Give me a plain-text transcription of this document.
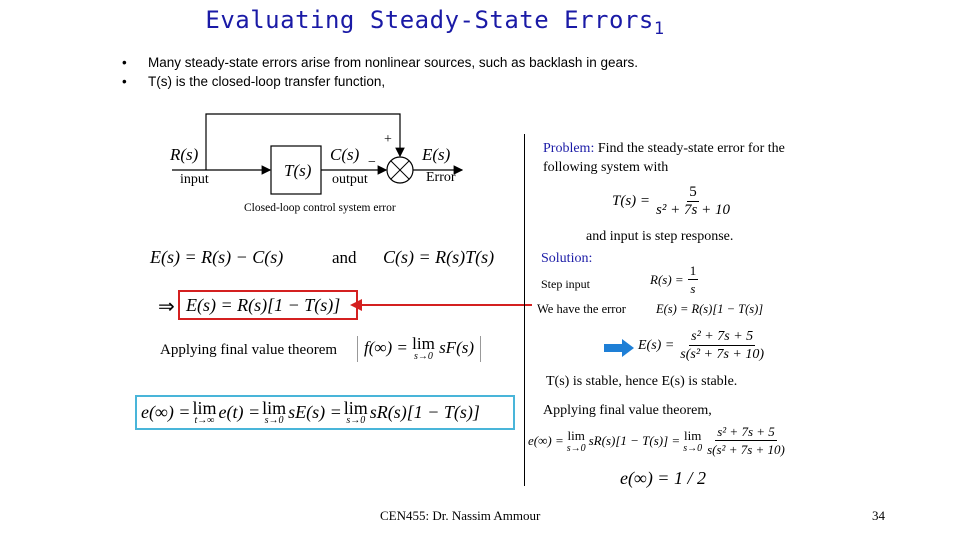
Evaluating Steady-State Errors$_1$
•	Many steady-state errors arise from nonlinear sources, such as backlash in gears.
•	T(s) is the closed-loop transfer function,
R(s)
T(s)
C(s)
+
−	E(s)
input	output	Error
Closed-loop control system error
E(s) = R(s) − C(s)	and C(s) = R(s)T(s)
⇒ E(s) = R(s)[1 − T(s)]
Applying final value theorem	f(∞) = lim
s→0 sF(s)
e(∞) = lim
t→∞ e(t) = lim
s→0 sE(s) = lim
s→0 sR(s)[1 − T(s)]
Problem: Find the steady-state error for the following system with
$T(s) = \frac{5}{\text{s² + 7s + 10}}$
and input is step response.
Solution:
Step input	$R(s) = \frac{1}{s}$
We have the error E(s) = R(s)[1 − T(s)]
$E(s) = \frac{\text{s² + 7s + 5}}{\text{s(s² + 7s + 10)}}$
T(s) is stable, hence E(s) is stable.
Applying final value theorem,
e(∞) = lim
s→0
sR(s)[1 − T(s)] = lim
$s\to 0 \frac{\text{s² + 7s + 5}}{\text{s(s² + 7s + 10)}}$
e(∞) = 1 / 2
CEN455: Dr. Nassim Ammour	34
